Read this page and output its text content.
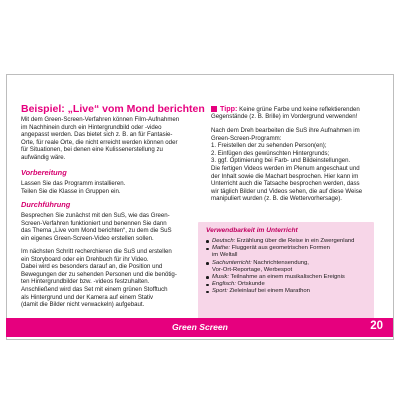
Beispiel: „Live“ vom Mond berichten

Mit dem Green-Screen-Verfahren können Film-Aufnahmen

im Nachhinein durch ein Hintergrundbild oder -video

angepasst werden. Das bietet sich z. B. an für Fantasie-

Orte, für reale Orte, die nicht erreicht werden können oder

für Situationen, bei denen eine Kulissenerstellung zu

aufwändig wäre.

Vorbereitung

Lassen Sie das Programm installieren.

Teilen Sie die Klasse in Gruppen ein.

Durchführung

Besprechen Sie zunächst mit den SuS, wie das Green-

Screen-Verfahren funktioniert und benennen Sie dann

das Thema „Live vom Mond berichten“, zu dem die SuS

ein eigenes Green-Screen-Video erstellen sollen.

Im nächsten Schritt recherchieren die SuS und erstellen

ein Storyboard oder ein Drehbuch für ihr Video.

Dabei wird es besonders darauf an, die Position und

Bewegungen der zu sehenden Personen und die benötig-

ten Hintergrundbilder bzw. -videos festzuhalten.

Anschließend wird das Set mit einem grünen Stofftuch

als Hintergrund und der Kamera auf einem Stativ

(damit die Bilder nicht verwackeln) aufgebaut.

Tipp: Keine grüne Farbe und keine reflektierenden

Gegenstände (z. B. Brille) im Vordergrund verwenden!

Nach dem Dreh bearbeiten die SuS ihre Aufnahmen im

Green-Screen-Programm:

1. Freistellen der zu sehenden Person(en);

2. Einfügen des gewünschten Hintergrunds;

3. ggf. Optimierung bei Farb- und Bildeinstellungen.

Die fertigen Videos werden im Plenum angeschaut und

der Inhalt sowie die Machart besprochen. Hier kann im

Unterricht auch die Tatsache besprochen werden, dass

wir täglich Bilder und Videos sehen, die auf diese Weise

manipuliert wurden (z. B. die Wettervorhersage).

Verwendbarkeit im Unterricht

Deutsch: Erzählung über die Reise in ein Zwergenland
Mathe: Fluggerät aus geometrischen Formen
im Weltall
Sachunterricht: Nachrichtensendung,
Vor-Ort-Reportage, Werbespot
Musik: Teilnahme an einem musikalischen Ereignis
Englisch: Ortskunde
Sport: Zieleinlauf bei einem Marathon
Green Screen	20
